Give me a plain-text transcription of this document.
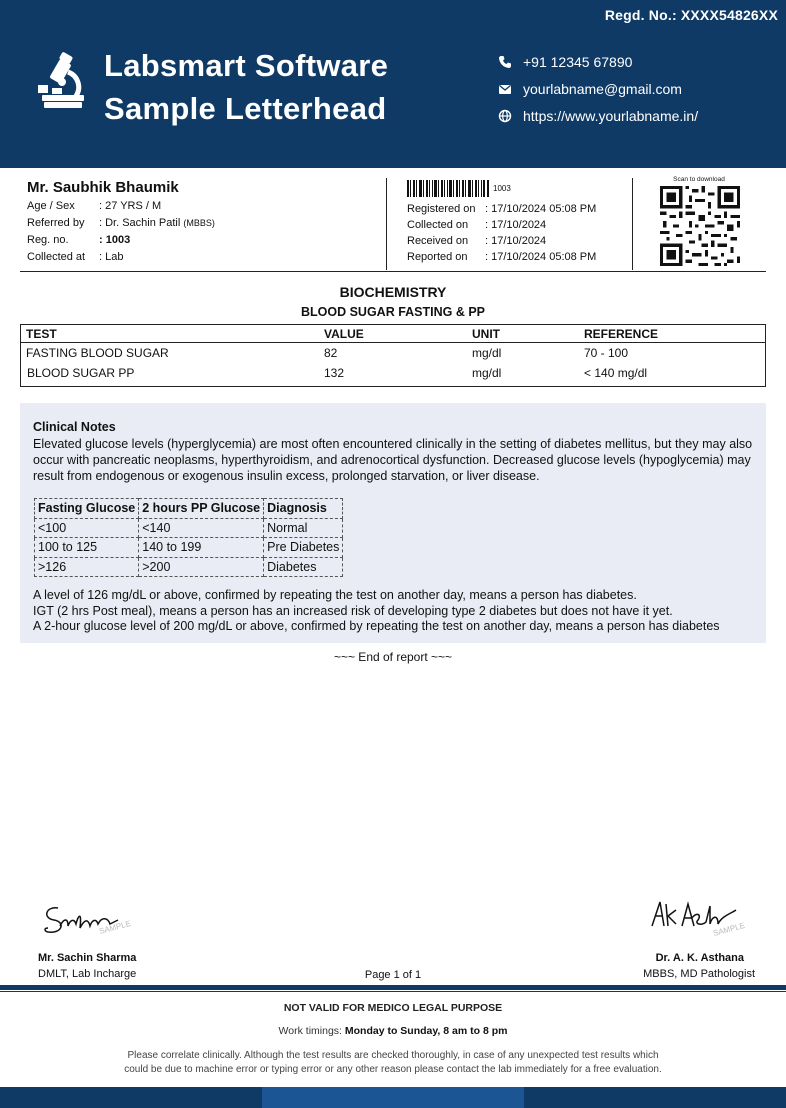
Regd. No.: XXXX54826XX
Labsmart Software
Sample Letterhead
+91 12345 67890
yourlabname@gmail.com
https://www.yourlabname.in/
Mr. Saubhik Bhaumik
Age / Sex	: 27 YRS / M
Referred by	: Dr. Sachin Patil (MBBS)
Reg. no.	: 1003
Collected at	: Lab
1003
Registered on : 17/10/2024 05:08 PM
Collected on	: 17/10/2024
Received on	: 17/10/2024
Reported on	: 17/10/2024 05:08 PM
Scan to download
BIOCHEMISTRY
BLOOD SUGAR FASTING & PP
TEST	VALUE	UNIT	REFERENCE
FASTING BLOOD SUGAR	82	mg/dl	70 - 100
BLOOD SUGAR PP	132	mg/dl	< 140 mg/dl
Clinical Notes
Elevated glucose levels (hyperglycemia) are most often encountered clinically in the setting of diabetes mellitus, but they may also occur with pancreatic neoplasms, hyperthyroidism, and adrenocortical dysfunction. Decreased glucose levels (hypoglycemia) may result from endogenous or exogenous insulin excess, prolonged starvation, or liver disease.
Fasting Glucose	2 hours PP Glucose	Diagnosis
<100	<140	Normal
100 to 125	140 to 199	Pre Diabetes
>126	>200	Diabetes
A level of 126 mg/dL or above, confirmed by repeating the test on another day, means a person has diabetes.
IGT (2 hrs Post meal), means a person has an increased risk of developing type 2 diabetes but does not have it yet.
A 2-hour glucose level of 200 mg/dL or above, confirmed by repeating the test on another day, means a person has diabetes
~~~ End of report ~~~
SAMPLE	SAMPLE
Mr. Sachin Sharma
DMLT, Lab Incharge	Page 1 of 1
Dr. A. K. Asthana
MBBS, MD Pathologist
NOT VALID FOR MEDICO LEGAL PURPOSE
Work timings: Monday to Sunday, 8 am to 8 pm
Please correlate clinically. Although the test results are checked thoroughly, in case of any unexpected test results which
could be due to machine error or typing error or any other reason please contact the lab immediately for a free evaluation.
